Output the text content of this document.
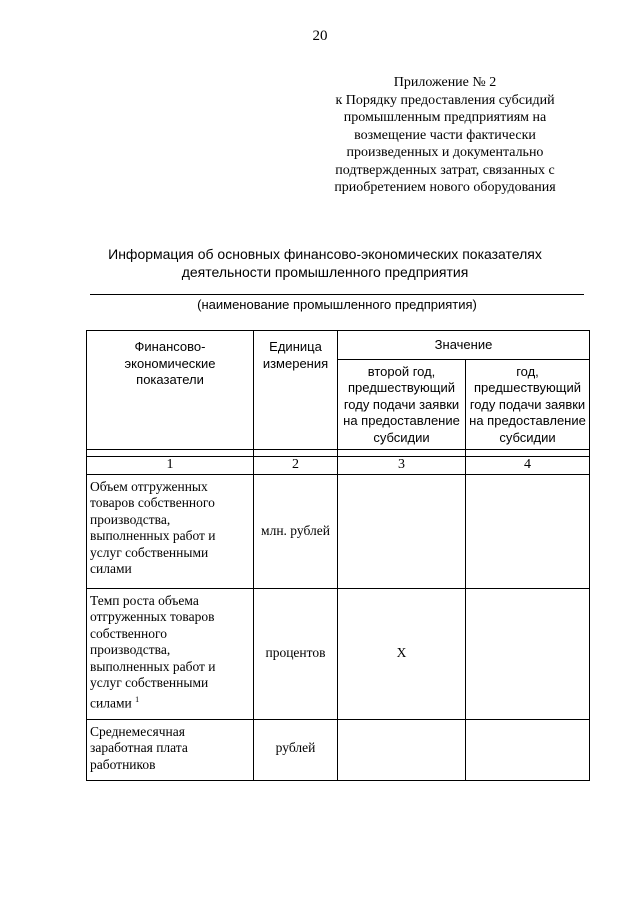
20
Приложение № 2
к Порядку предоставления субсидий
промышленным предприятиям на
возмещение части фактически
произведенных и документально
подтвержденных затрат, связанных с
приобретением нового оборудования
Информация об основных финансово-экономических показателях
деятельности промышленного предприятия
(наименование промышленного предприятия)
Финансово-экономические показатели	Единица измерения	Значение	
		второй год, предшествующий году подачи заявки на предоставление субсидии	год, предшествующий году подачи заявки на предоставление субсидии

1	2	3	4
Объем отгруженных товаров собственного производства, выполненных работ и услуг собственными силами	млн. рублей		
Темп роста объема отгруженных товаров собственного производства, выполненных работ и услуг собственными силами $^1$	процентов	Х	
Среднемесячная заработная плата работников	рублей		
